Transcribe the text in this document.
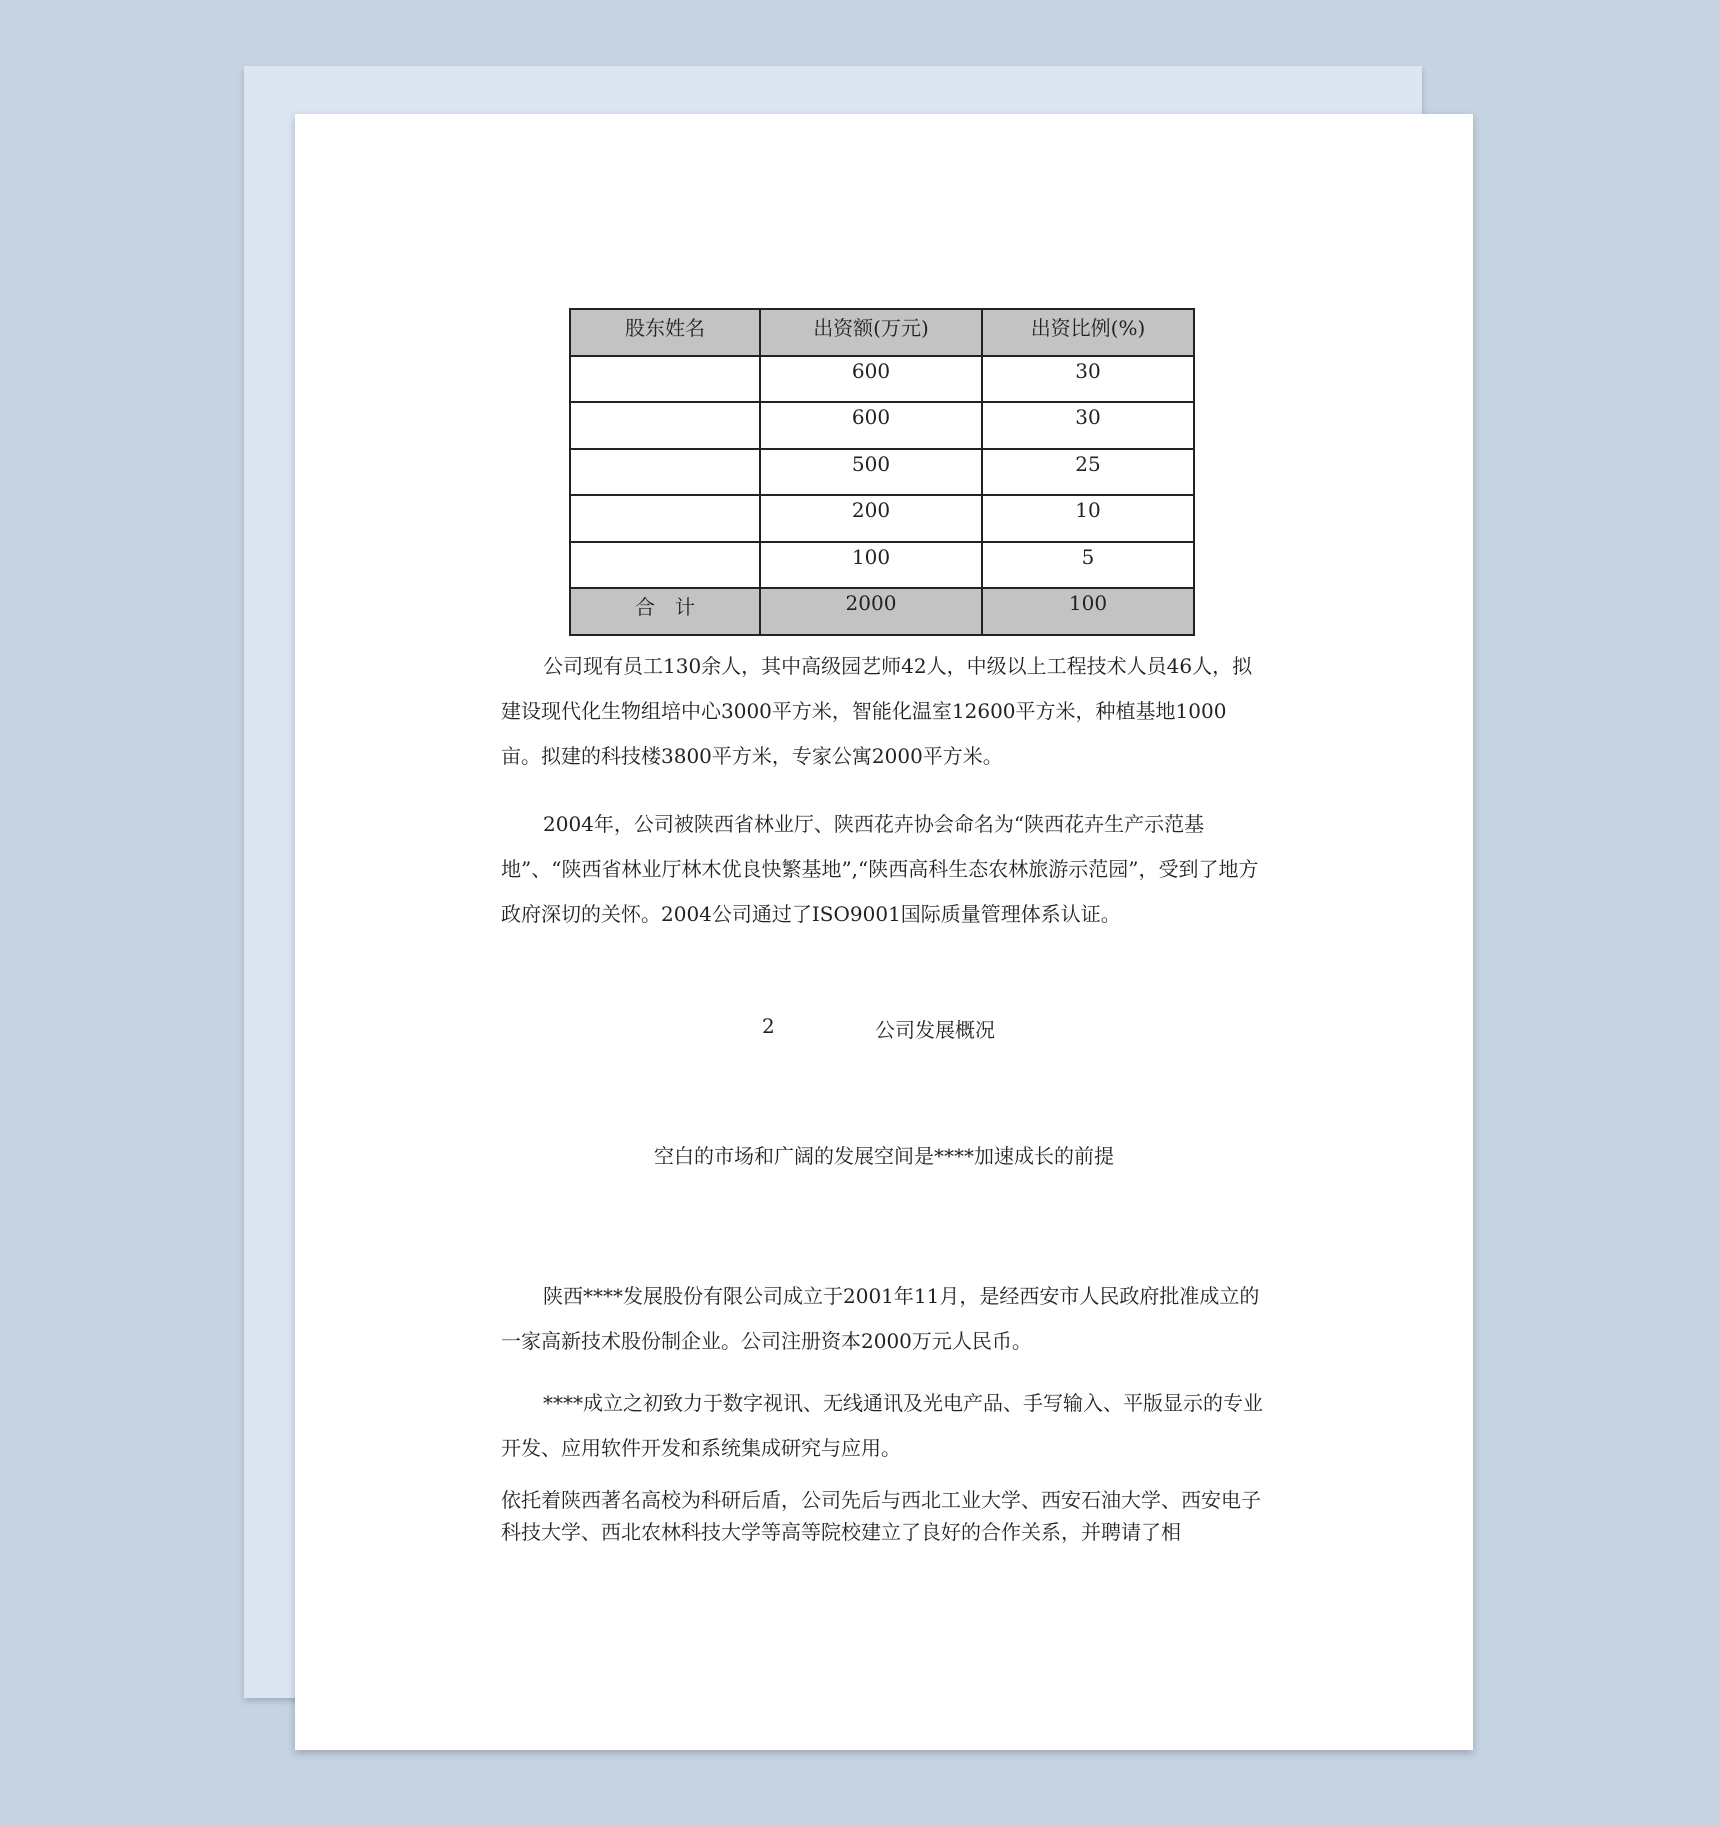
股东姓名	出资额(万元)	出资比例(%)
	600	30
	600	30
	500	25
	200	10
	100	5
合　计	2000	100

公司现有员工130余人，其中高级园艺师42人，中级以上工程技术人员46人，拟建设现代化生物组培中心3000平方米，智能化温室12600平方米，种植基地1000亩。拟建的科技楼3800平方米，专家公寓2000平方米。

2004年，公司被陕西省林业厅、陕西花卉协会命名为“陕西花卉生产示范基地”、“陕西省林业厅林木优良快繁基地”,“陕西高科生态农林旅游示范园”，受到了地方政府深切的关怀。2004公司通过了ISO9001国际质量管理体系认证。

2	公司发展概况
空白的市场和广阔的发展空间是****加速成长的前提

陕西****发展股份有限公司成立于2001年11月，是经西安市人民政府批准成立的一家高新技术股份制企业。公司注册资本2000万元人民币。

****成立之初致力于数字视讯、无线通讯及光电产品、手写输入、平版显示的专业开发、应用软件开发和系统集成研究与应用。

依托着陕西著名高校为科研后盾，公司先后与西北工业大学、西安石油大学、西安电子科技大学、西北农林科技大学等高等院校建立了良好的合作关系，并聘请了相
